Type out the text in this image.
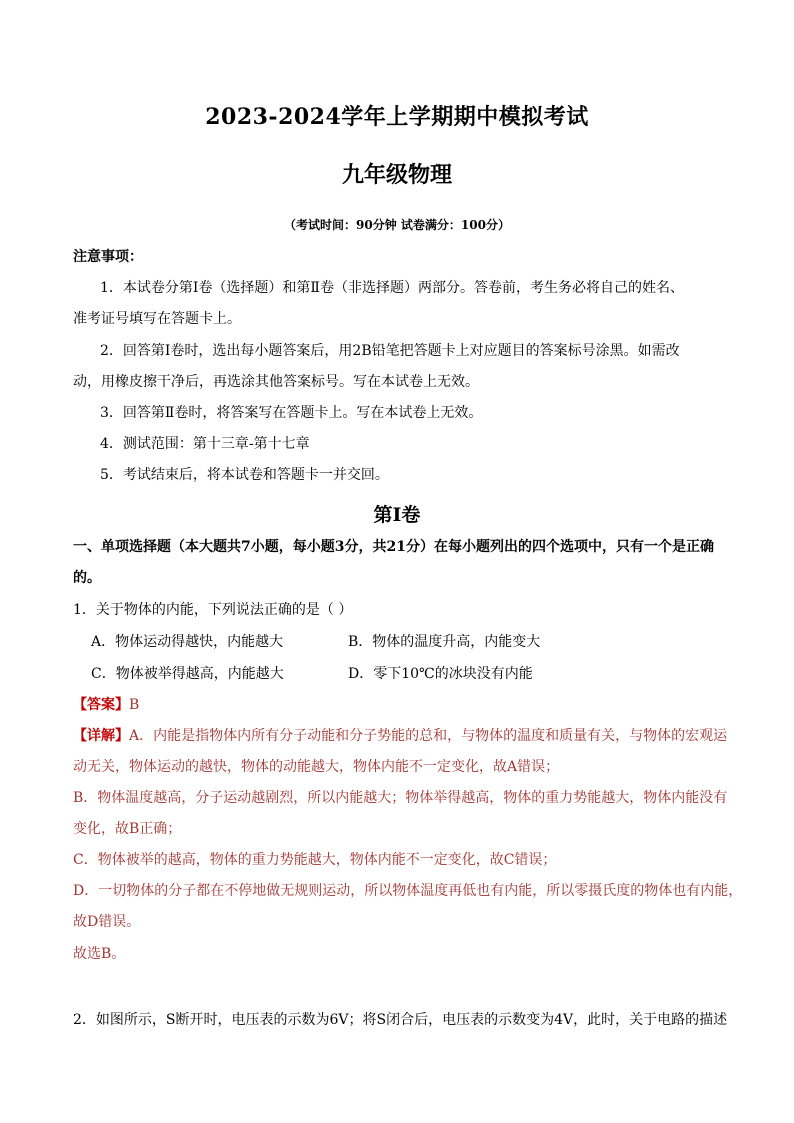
2023-2024学年上学期期中模拟考试
九年级物理
（考试时间：90分钟 试卷满分：100分）
注意事项：
1．本试卷分第Ⅰ卷（选择题）和第Ⅱ卷（非选择题）两部分。答卷前，考生务必将自己的姓名、
准考证号填写在答题卡上。
2．回答第Ⅰ卷时，选出每小题答案后，用2B铅笔把答题卡上对应题目的答案标号涂黑。如需改
动，用橡皮擦干净后，再选涂其他答案标号。写在本试卷上无效。
3．回答第Ⅱ卷时，将答案写在答题卡上。写在本试卷上无效。
4．测试范围：第十三章-第十七章
5．考试结束后，将本试卷和答题卡一并交回。
第Ⅰ卷
一、单项选择题（本大题共7小题，每小题3分，共21分）在每小题列出的四个选项中，只有一个是正确
的。
1．关于物体的内能，下列说法正确的是（ ）
A．物体运动得越快，内能越大	B．物体的温度升高，内能变大
C．物体被举得越高，内能越大	D．零下10℃的冰块没有内能
【答案】B
【详解】A．内能是指物体内所有分子动能和分子势能的总和，与物体的温度和质量有关，与物体的宏观运
动无关，物体运动的越快，物体的动能越大，物体内能不一定变化，故A错误；
B．物体温度越高，分子运动越剧烈，所以内能越大；物体举得越高，物体的重力势能越大，物体内能没有
变化，故B正确；
C．物体被举的越高，物体的重力势能越大，物体内能不一定变化，故C错误；
D．一切物体的分子都在不停地做无规则运动，所以物体温度再低也有内能，所以零摄氏度的物体也有内能，
故D错误。
故选B。
2．如图所示，S断开时，电压表的示数为6V；将S闭合后，电压表的示数变为4V，此时，关于电路的描述
